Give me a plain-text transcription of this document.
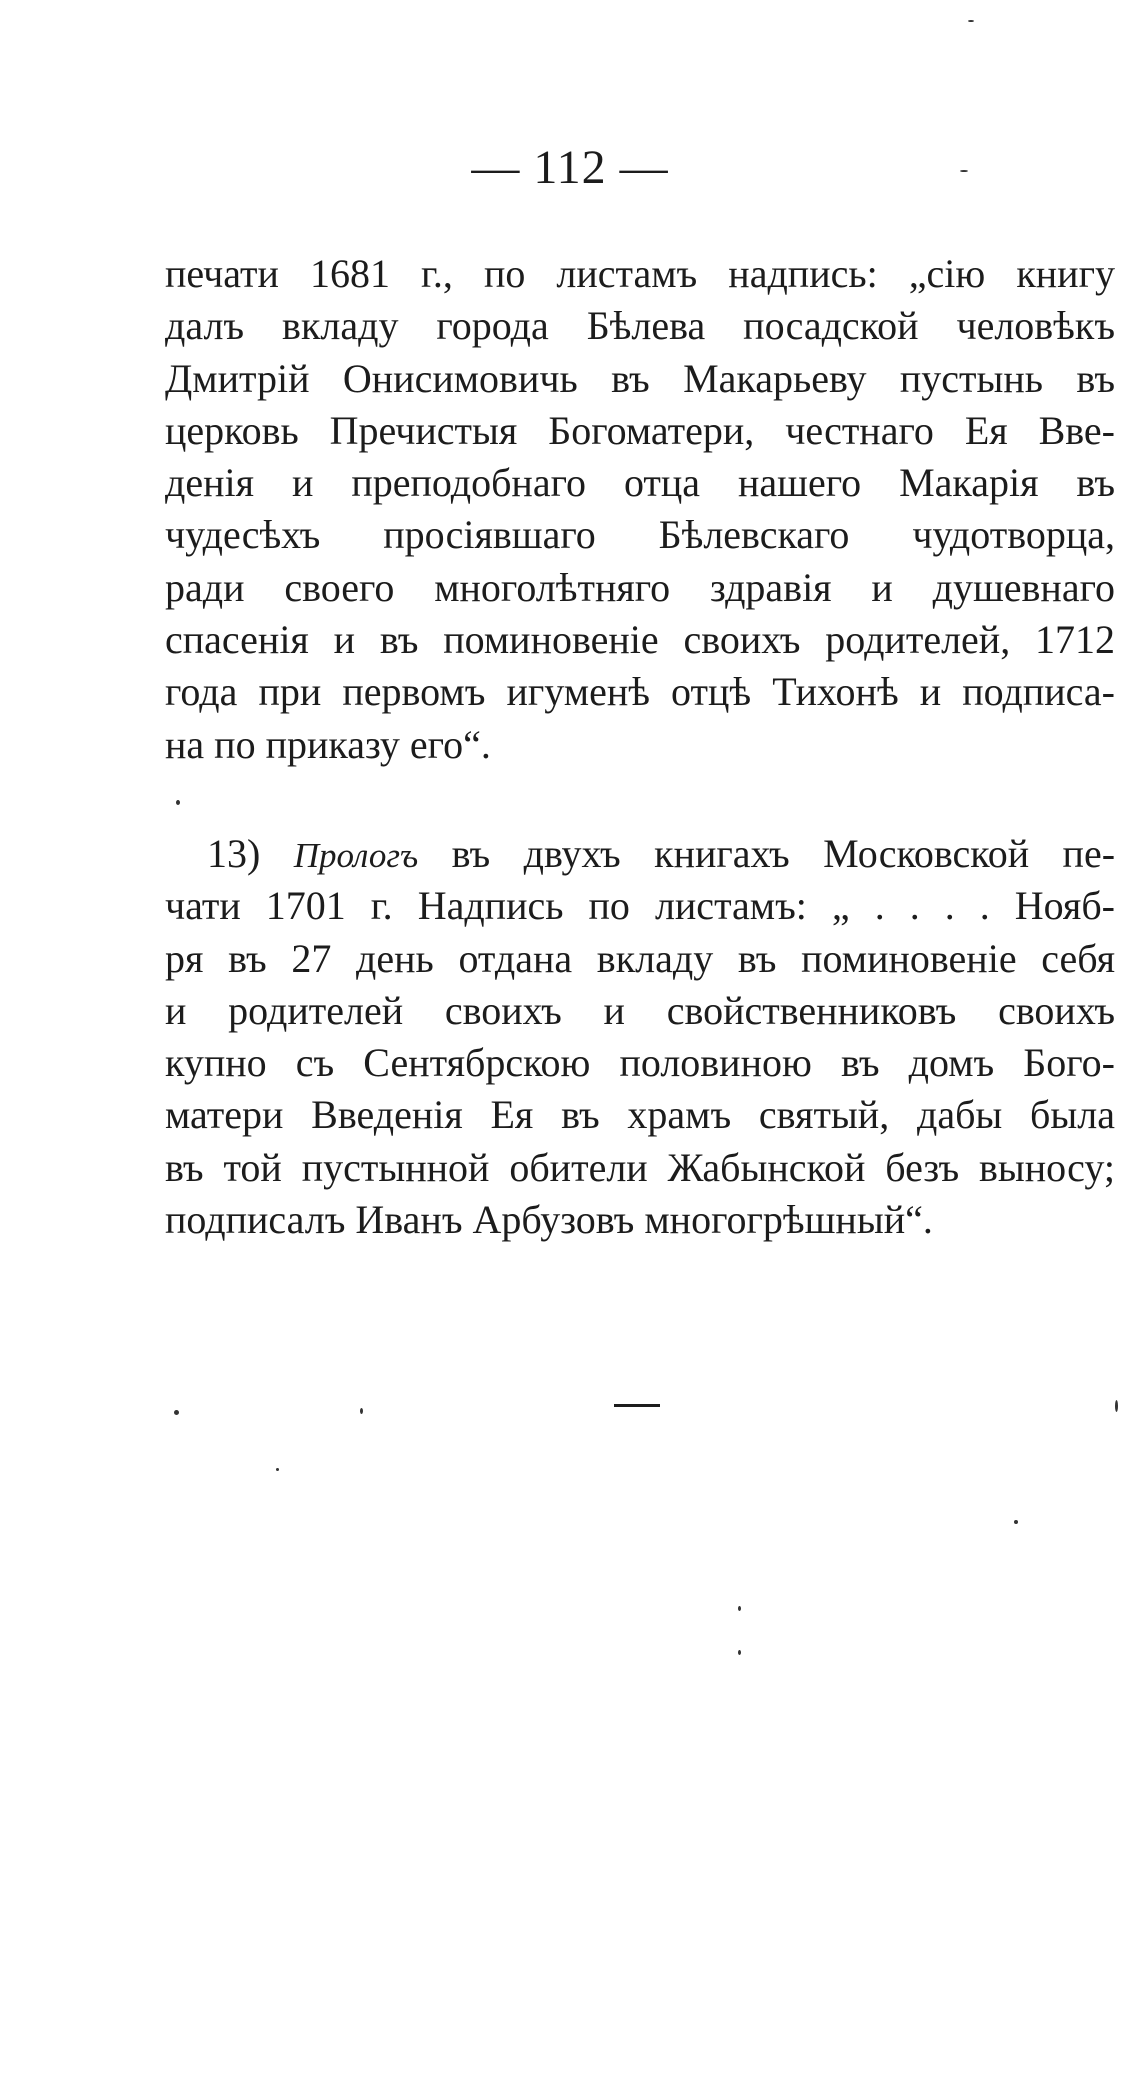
— 112 —
печати 1681 г., по листамъ надпись: „сію книгу
далъ вкладу города Бѣлева посадской человѣкъ
Дмитрій Онисимовичь въ Макарьеву пустынь въ
церковь Пречистыя Богоматери, честнаго Ея Вве-
денія и преподобнаго отца нашего Макарія въ
чудесѣхъ просіявшаго Бѣлевскаго чудотворца,
ради своего многолѣтняго здравія и душевнаго
спасенія и въ поминовеніе своихъ родителей, 1712
года при первомъ игуменѣ отцѣ Тихонѣ и подписа-
на по приказу его“.
13) Прологъ въ двухъ книгахъ Московской пе-
чати 1701 г. Надпись по листамъ: „ . . . . Нояб-
ря въ 27 день отдана вкладу въ поминовеніе себя
и родителей своихъ и свойственниковъ своихъ
купно съ Сентябрскою половиною въ домъ Бого-
матери Введенія Ея въ храмъ святый, дабы была
въ той пустынной обители Жабынской безъ выносу;
подписалъ Иванъ Арбузовъ многогрѣшный“.
